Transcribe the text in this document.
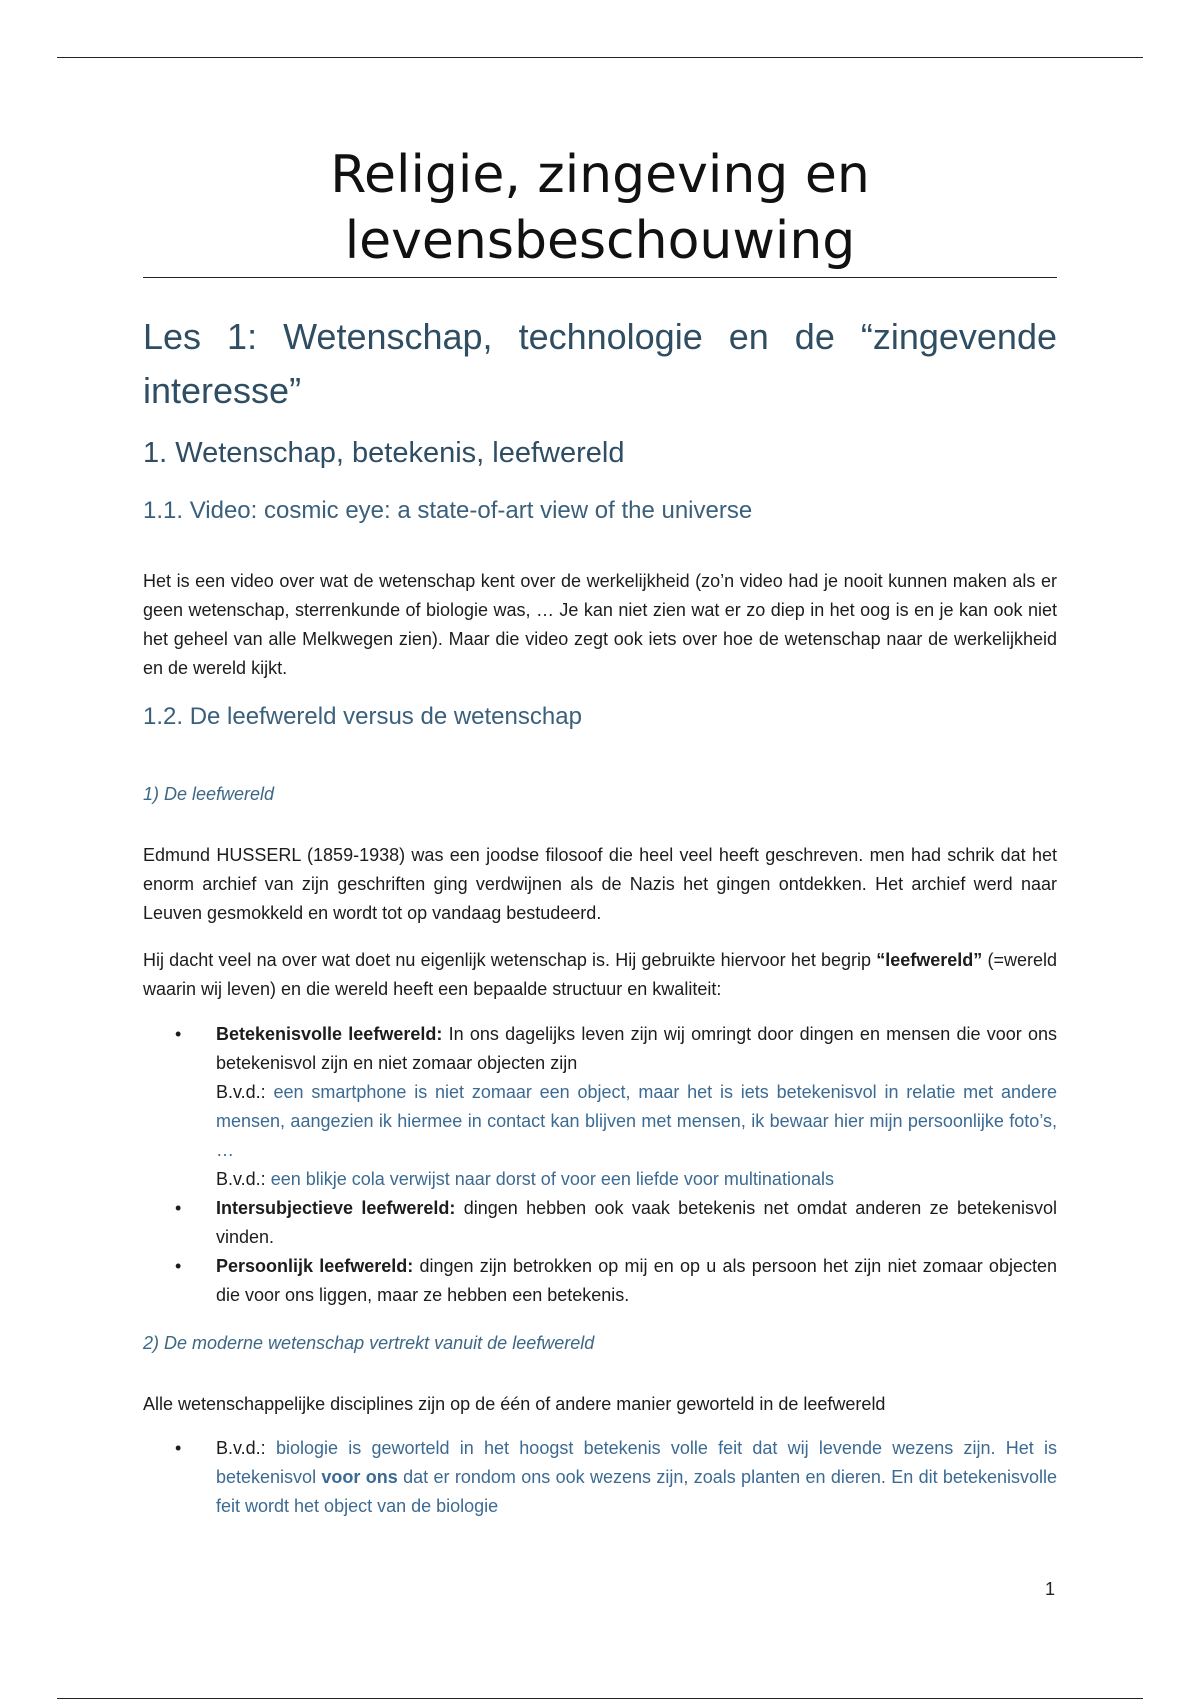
Religie, zingeving en levensbeschouwing
Les 1: Wetenschap, technologie en de “zingevende
interesse”
1. Wetenschap, betekenis, leefwereld
1.1. Video: cosmic eye: a state-of-art view of the universe

Het is een video over wat de wetenschap kent over de werkelijkheid (zo’n video had je nooit kunnen maken als er geen wetenschap, sterrenkunde of biologie was, … Je kan niet zien wat er zo diep in het oog is en je kan ook niet het geheel van alle Melkwegen zien). Maar die video zegt ook iets over hoe de wetenschap naar de werkelijkheid en de wereld kijkt.

1.2. De leefwereld versus de wetenschap
1) De leefwereld

Edmund HUSSERL (1859-1938) was een joodse filosoof die heel veel heeft geschreven. men had schrik dat het enorm archief van zijn geschriften ging verdwijnen als de Nazis het gingen ontdekken. Het archief werd naar Leuven gesmokkeld en wordt tot op vandaag bestudeerd.

Hij dacht veel na over wat doet nu eigenlijk wetenschap is. Hij gebruikte hiervoor het begrip “leefwereld” (=wereld waarin wij leven) en die wereld heeft een bepaalde structuur en kwaliteit:

• Betekenisvolle leefwereld: In ons dagelijks leven zijn wij omringt door dingen en mensen die voor ons betekenisvol zijn en niet zomaar objecten zijn
B.v.d.: een smartphone is niet zomaar een object, maar het is iets betekenisvol in relatie met andere mensen, aangezien ik hiermee in contact kan blijven met mensen, ik bewaar hier mijn persoonlijke foto’s, …
B.v.d.: een blikje cola verwijst naar dorst of voor een liefde voor multinationals
• Intersubjectieve leefwereld: dingen hebben ook vaak betekenis net omdat anderen ze betekenisvol vinden.
• Persoonlijk leefwereld: dingen zijn betrokken op mij en op u als persoon het zijn niet zomaar objecten die voor ons liggen, maar ze hebben een betekenis.
2) De moderne wetenschap vertrekt vanuit de leefwereld

Alle wetenschappelijke disciplines zijn op de één of andere manier geworteld in de leefwereld

• B.v.d.: biologie is geworteld in het hoogst betekenis volle feit dat wij levende wezens zijn. Het is betekenisvol voor ons dat er rondom ons ook wezens zijn, zoals planten en dieren. En dit betekenisvolle feit wordt het object van de biologie
1
